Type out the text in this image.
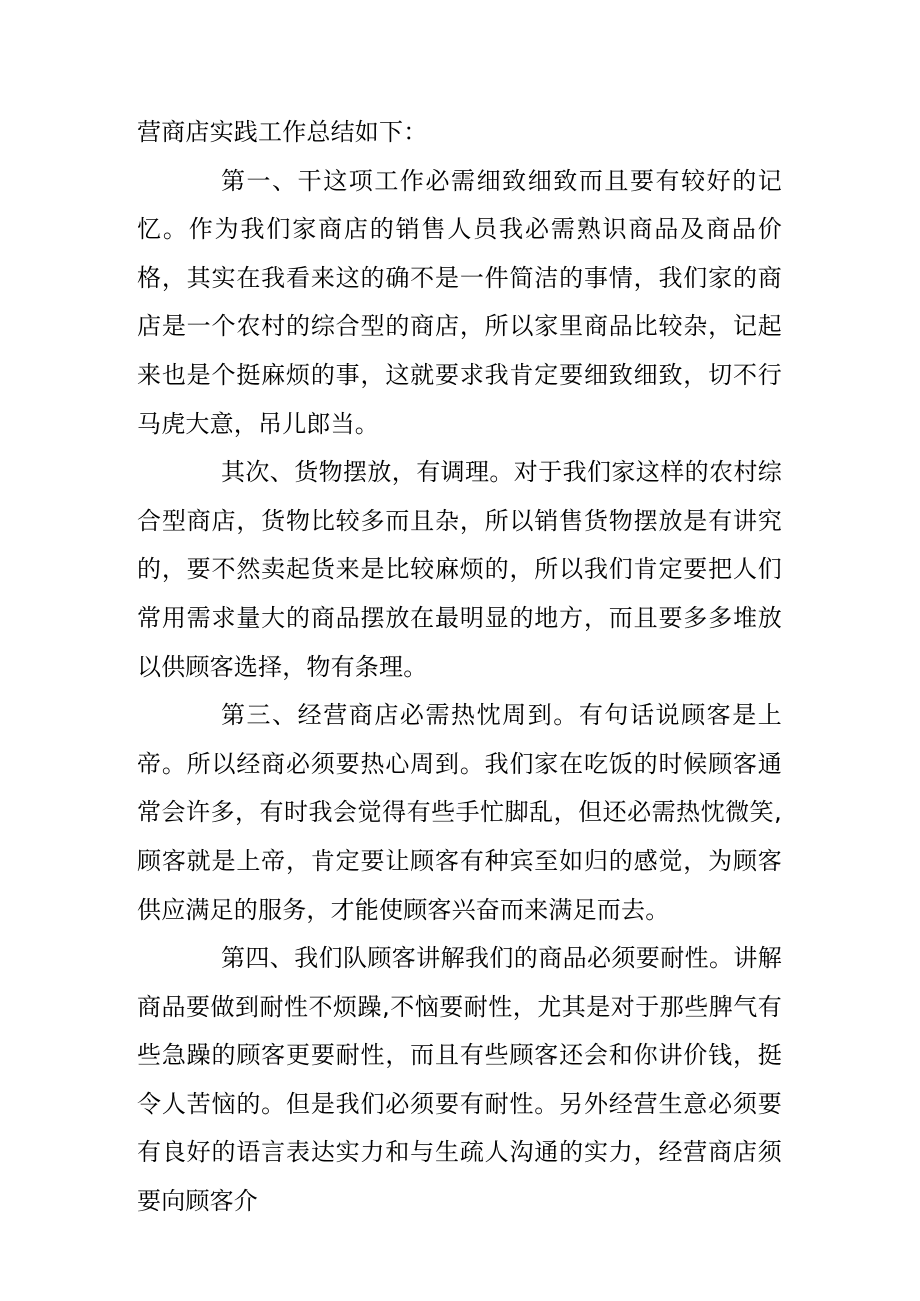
营商店实践工作总结如下：

第一、干这项工作必需细致细致而且要有较好的记忆。作为我们家商店的销售人员我必需熟识商品及商品价格，其实在我看来这的确不是一件简洁的事情，我们家的商店是一个农村的综合型的商店，所以家里商品比较杂，记起来也是个挺麻烦的事，这就要求我肯定要细致细致，切不行马虎大意，吊儿郎当。

其次、货物摆放，有调理。对于我们家这样的农村综合型商店，货物比较多而且杂，所以销售货物摆放是有讲究的，要不然卖起货来是比较麻烦的，所以我们肯定要把人们常用需求量大的商品摆放在最明显的地方，而且要多多堆放以供顾客选择，物有条理。

第三、经营商店必需热忱周到。有句话说顾客是上帝。所以经商必须要热心周到。我们家在吃饭的时候顾客通常会许多，有时我会觉得有些手忙脚乱，但还必需热忱微笑,顾客就是上帝，肯定要让顾客有种宾至如归的感觉，为顾客供应满足的服务，才能使顾客兴奋而来满足而去。

第四、我们队顾客讲解我们的商品必须要耐性。讲解商品要做到耐性不烦躁,不恼要耐性，尤其是对于那些脾气有些急躁的顾客更要耐性，而且有些顾客还会和你讲价钱，挺令人苦恼的。但是我们必须要有耐性。另外经营生意必须要有良好的语言表达实力和与生疏人沟通的实力，经营商店须要向顾客介
